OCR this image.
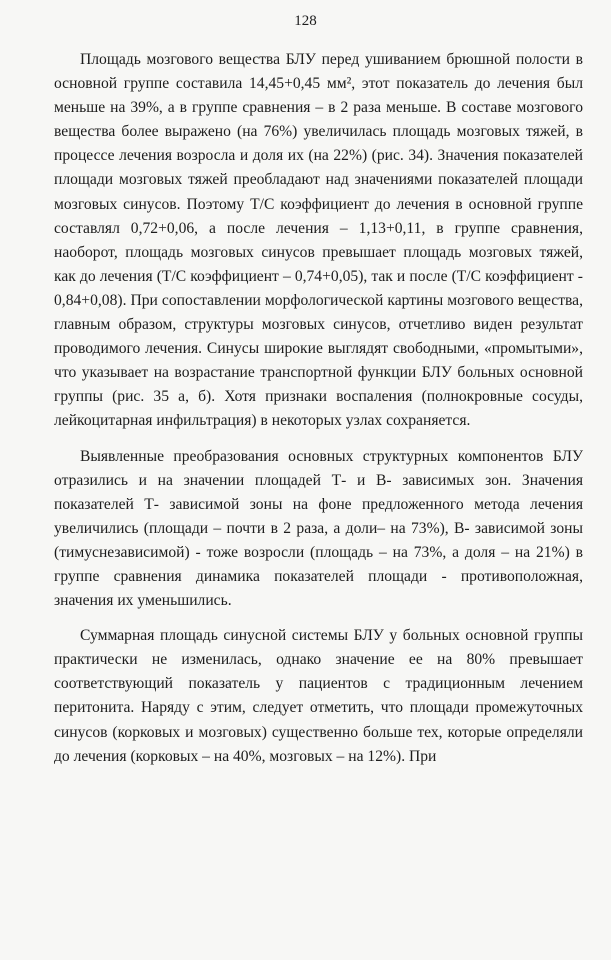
128

Площадь мозгового вещества БЛУ перед ушиванием брюшной полости в основной группе составила 14,45+0,45 мм², этот показатель до лечения был меньше на 39%, а в группе сравнения – в 2 раза меньше. В составе мозгового вещества более выражено (на 76%) увеличилась площадь мозговых тяжей, в процессе лечения возросла и доля их (на 22%) (рис. 34). Значения показателей площади мозговых тяжей преобладают над значениями показателей площади мозговых синусов. Поэтому Т/С коэффициент до лечения в основной группе составлял 0,72+0,06, а после лечения – 1,13+0,11, в группе сравнения, наоборот, площадь мозговых синусов превышает площадь мозговых тяжей, как до лечения (Т/С коэффициент – 0,74+0,05), так и после (Т/С коэффициент - 0,84+0,08). При сопоставлении морфологической картины мозгового вещества, главным образом, структуры мозговых синусов, отчетливо виден результат проводимого лечения. Синусы широкие выглядят свободными, «промытыми», что указывает на возрастание транспортной функции БЛУ больных основной группы (рис. 35 а, б). Хотя признаки воспаления (полнокровные сосуды, лейкоцитарная инфильтрация) в некоторых узлах сохраняется.

Выявленные преобразования основных структурных компонентов БЛУ отразились и на значении площадей Т- и В- зависимых зон. Значения показателей Т- зависимой зоны на фоне предложенного метода лечения увеличились (площади – почти в 2 раза, а доли– на 73%), В- зависимой зоны (тимуснезависимой) - тоже возросли (площадь – на 73%, а доля – на 21%) в группе сравнения динамика показателей площади - противоположная, значения их уменьшились.

Суммарная площадь синусной системы БЛУ у больных основной группы практически не изменилась, однако значение ее на 80% превышает соответствующий показатель у пациентов с традиционным лечением перитонита. Наряду с этим, следует отметить, что площади промежуточных синусов (корковых и мозговых) существенно больше тех, которые определяли до лечения (корковых – на 40%, мозговых – на 12%). При
